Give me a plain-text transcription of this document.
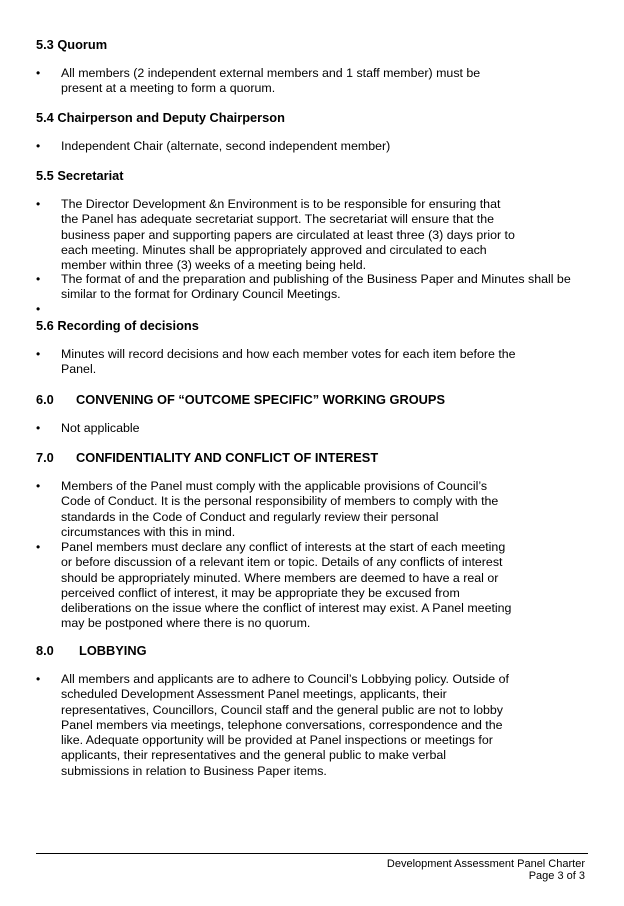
5.3 Quorum
• All members (2 independent external members and 1 staff member) must be
present at a meeting to form a quorum.
5.4 Chairperson and Deputy Chairperson
• Independent Chair (alternate, second independent member)
5.5 Secretariat
• The Director Development &n Environment is to be responsible for ensuring that
the Panel has adequate secretariat support. The secretariat will ensure that the
business paper and supporting papers are circulated at least three (3) days prior to
each meeting. Minutes shall be appropriately approved and circulated to each
member within three (3) weeks of a meeting being held.
• The format of and the preparation and publishing of the Business Paper and Minutes shall be
similar to the format for Ordinary Council Meetings.
•
5.6 Recording of decisions
• Minutes will record decisions and how each member votes for each item before the
Panel.
6.0 CONVENING OF “OUTCOME SPECIFIC” WORKING GROUPS
• Not applicable
7.0 CONFIDENTIALITY AND CONFLICT OF INTEREST
• Members of the Panel must comply with the applicable provisions of Council’s
Code of Conduct. It is the personal responsibility of members to comply with the
standards in the Code of Conduct and regularly review their personal
circumstances with this in mind.
• Panel members must declare any conflict of interests at the start of each meeting
or before discussion of a relevant item or topic. Details of any conflicts of interest
should be appropriately minuted. Where members are deemed to have a real or
perceived conflict of interest, it may be appropriate they be excused from
deliberations on the issue where the conflict of interest may exist. A Panel meeting
may be postponed where there is no quorum.
8.0 LOBBYING
• All members and applicants are to adhere to Council’s Lobbying policy. Outside of
scheduled Development Assessment Panel meetings, applicants, their
representatives, Councillors, Council staff and the general public are not to lobby
Panel members via meetings, telephone conversations, correspondence and the
like. Adequate opportunity will be provided at Panel inspections or meetings for
applicants, their representatives and the general public to make verbal
submissions in relation to Business Paper items.
Development Assessment Panel Charter
Page 3 of 3
